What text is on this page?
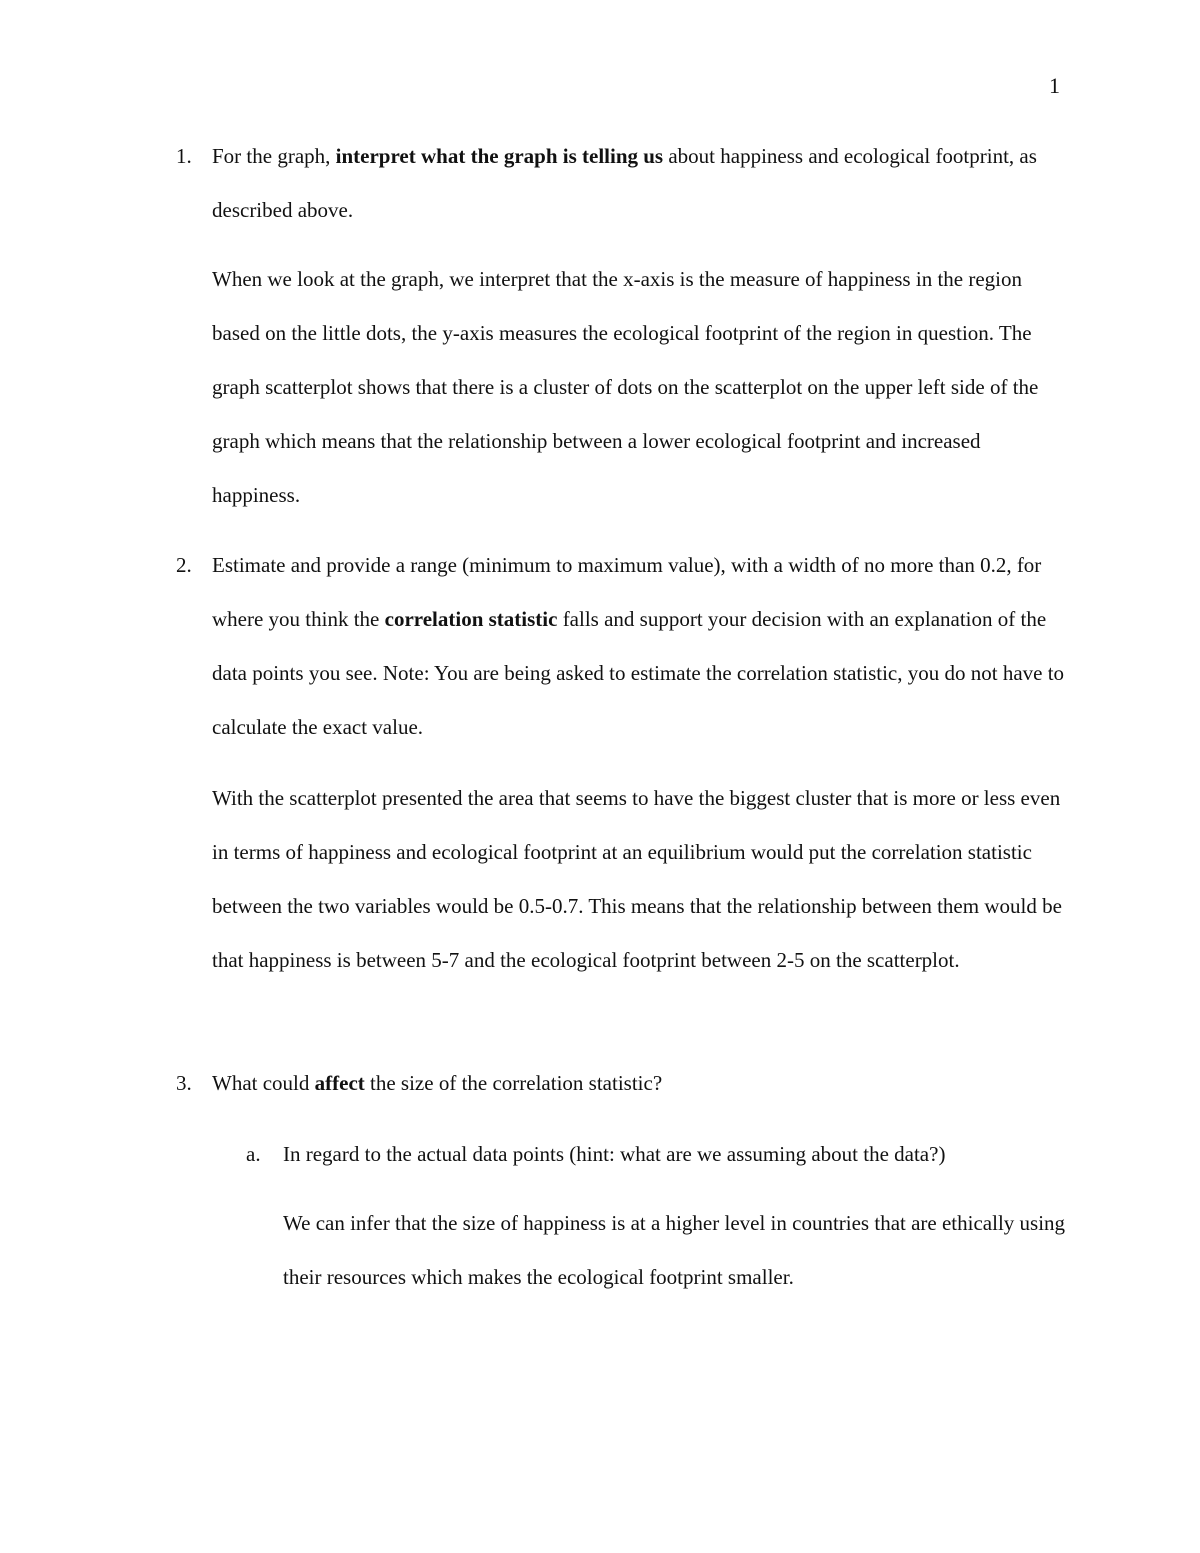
1
1. For the graph, interpret what the graph is telling us about happiness and ecological footprint, as described above.

When we look at the graph, we interpret that the x-axis is the measure of happiness in the region based on the little dots, the y-axis measures the ecological footprint of the region in question. The graph scatterplot shows that there is a cluster of dots on the scatterplot on the upper left side of the graph which means that the relationship between a lower ecological footprint and increased happiness.

2. Estimate and provide a range (minimum to maximum value), with a width of no more than 0.2, for where you think the correlation statistic falls and support your decision with an explanation of the data points you see. Note: You are being asked to estimate the correlation statistic, you do not have to calculate the exact value.

With the scatterplot presented the area that seems to have the biggest cluster that is more or less even in terms of happiness and ecological footprint at an equilibrium would put the correlation statistic between the two variables would be 0.5-0.7. This means that the relationship between them would be that happiness is between 5-7 and the ecological footprint between 2-5 on the scatterplot.

3. What could affect the size of the correlation statistic?

a. In regard to the actual data points (hint: what are we assuming about the data?)

We can infer that the size of happiness is at a higher level in countries that are ethically using their resources which makes the ecological footprint smaller.
